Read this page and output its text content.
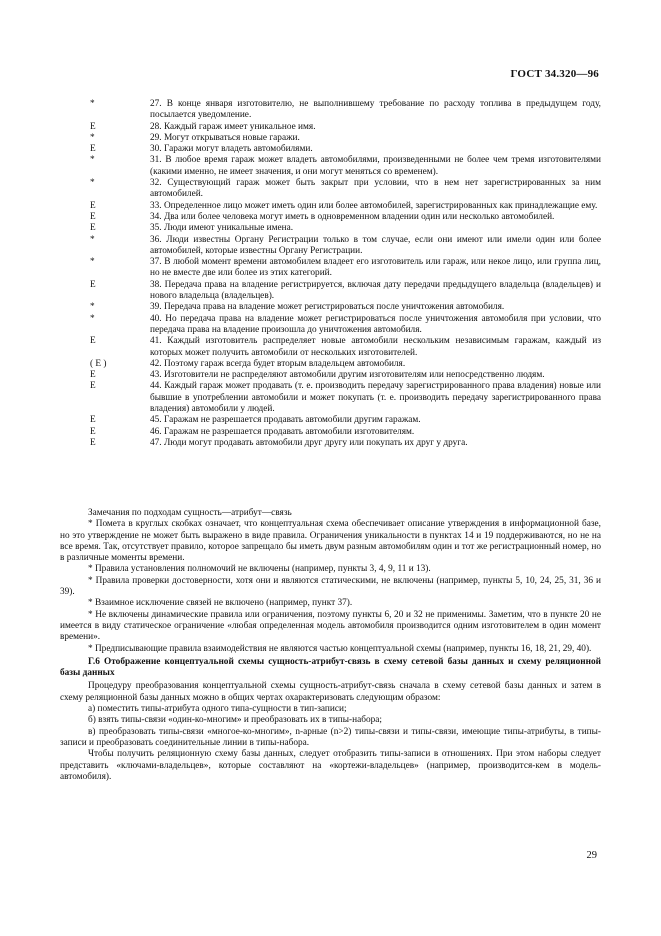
ГОСТ 34.320—96
*	27. В конце января изготовителю, не выполнившему требование по расходу топлива в предыдущем году, посылается уведомление.
E	28. Каждый гараж имеет уникальное имя.
*	29. Могут открываться новые гаражи.
E	30. Гаражи могут владеть автомобилями.
*	31. В любое время гараж может владеть автомобилями, произведенными не более чем тремя изготовителями (какими именно, не имеет значения, и они могут меняться со временем).
*	32. Существующий гараж может быть закрыт при условии, что в нем нет зарегистрированных за ним автомобилей.
E	33. Определенное лицо может иметь один или более автомобилей, зарегистрированных как принадлежащие ему.
E	34. Два или более человека могут иметь в одновременном владении один или несколько автомобилей.
E	35. Люди имеют уникальные имена.
*	36. Люди известны Органу Регистрации только в том случае, если они имеют или имели один или более автомобилей, которые известны Органу Регистрации.
*	37. В любой момент времени автомобилем владеет его изготовитель или гараж, или некое лицо, или группа лиц, но не вместе две или более из этих категорий.
E	38. Передача права на владение регистрируется, включая дату передачи предыдущего владельца (владельцев) и нового владельца (владельцев).
*	39. Передача права на владение может регистрироваться после уничтожения автомобиля.
*	40. Но передача права на владение может регистрироваться после уничтожения автомобиля при условии, что передача права на владение произошла до уничтожения автомобиля.
E	41. Каждый изготовитель распределяет новые автомобили нескольким независимым гаражам, каждый из которых может получить автомобили от нескольких изготовителей.
( E )	42. Поэтому гараж всегда будет вторым владельцем автомобиля.
E	43. Изготовители не распределяют автомобили другим изготовителям или непосредственно людям.
E	44. Каждый гараж может продавать (т. е. производить передачу зарегистрированного права владения) новые или бывшие в употреблении автомобили и может покупать (т. е. производить передачу зарегистрированного права владения) автомобили у людей.
E	45. Гаражам не разрешается продавать автомобили другим гаражам.
E	46. Гаражам не разрешается продавать автомобили изготовителям.
E	47. Люди могут продавать автомобили друг другу или покупать их друг у друга.
Замечания по подходам сущность—атрибут—связь
* Помета в круглых скобках означает, что концептуальная схема обеспечивает описание утверждения в информационной базе, но это утверждение не может быть выражено в виде правила. Ограничения уникальности в пунктах 14 и 19 поддерживаются, но не на все время. Так, отсутствует правило, которое запрещало бы иметь двум разным автомобилям один и тот же регистрационный номер, но в различные моменты времени.
* Правила установления полномочий не включены (например, пункты 3, 4, 9, 11 и 13).
* Правила проверки достоверности, хотя они и являются статическими, не включены (например, пункты 5, 10, 24, 25, 31, 36 и 39).
* Взаимное исключение связей не включено (например, пункт 37).
* Не включены динамические правила или ограничения, поэтому пункты 6, 20 и 32 не применимы. Заметим, что в пункте 20 не имеется в виду статическое ограничение «любая определенная модель автомобиля производится одним изготовителем в один момент времени».
* Предписывающие правила взаимодействия не являются частью концептуальной схемы (например, пункты 16, 18, 21, 29, 40).
Г.6 Отображение концептуальной схемы сущность-атрибут-связь в схему сетевой базы данных и схему реляционной базы данных
Процедуру преобразования концептуальной схемы сущность-атрибут-связь сначала в схему сетевой базы данных и затем в схему реляционной базы данных можно в общих чертах охарактеризовать следующим образом:
а) поместить типы-атрибута одного типа-сущности в тип-записи;
б) взять типы-связи «один-ко-многим» и преобразовать их в типы-набора;
в) преобразовать типы-связи «многое-ко-многим», n-арные (n>2) типы-связи и типы-связи, имеющие типы-атрибуты, в типы-записи и преобразовать соединительные линии в типы-набора.
Чтобы получить реляционную схему базы данных, следует отобразить типы-записи в отношениях. При этом наборы следует представить «ключами-владельцев», которые составляют на «кортежи-владельцев» (например, производится-кем в модель-автомобиля).
29
